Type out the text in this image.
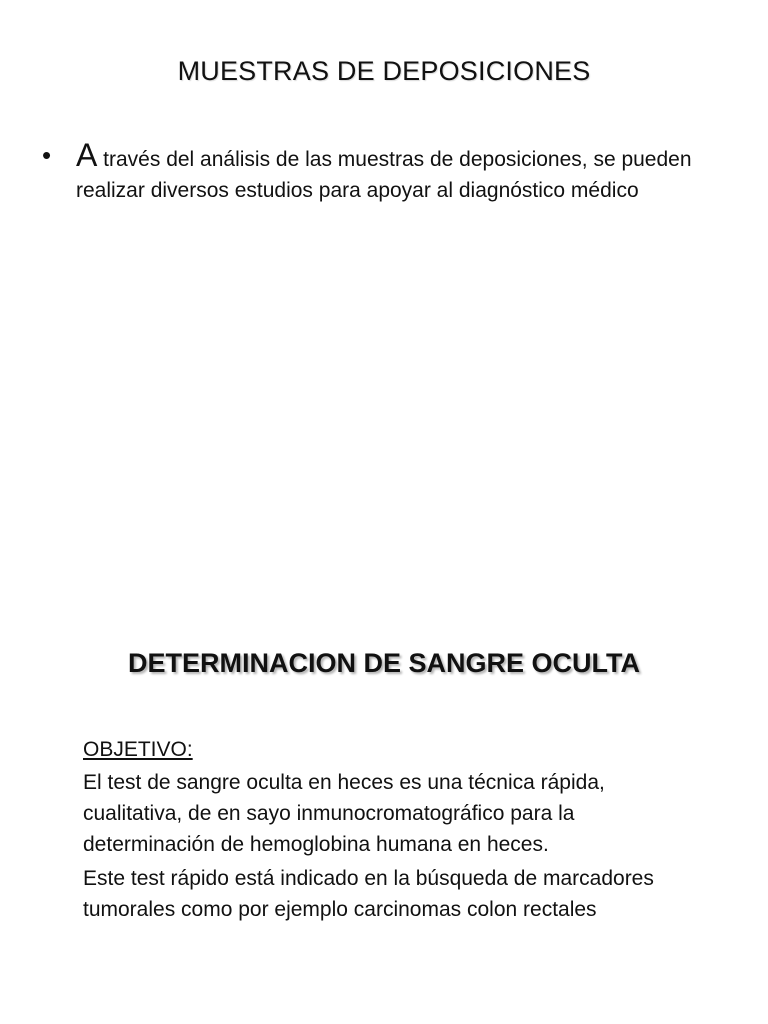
MUESTRAS DE DEPOSICIONES
• A través del análisis de las muestras de deposiciones, se pueden realizar diversos estudios para apoyar al diagnóstico médico
DETERMINACION DE SANGRE OCULTA

OBJETIVO:

El test de sangre oculta en heces es una técnica rápida, cualitativa, de en sayo inmunocromatográfico para la determinación de hemoglobina humana en heces.

Este test rápido está indicado en la búsqueda de marcadores tumorales como por ejemplo carcinomas colon rectales
